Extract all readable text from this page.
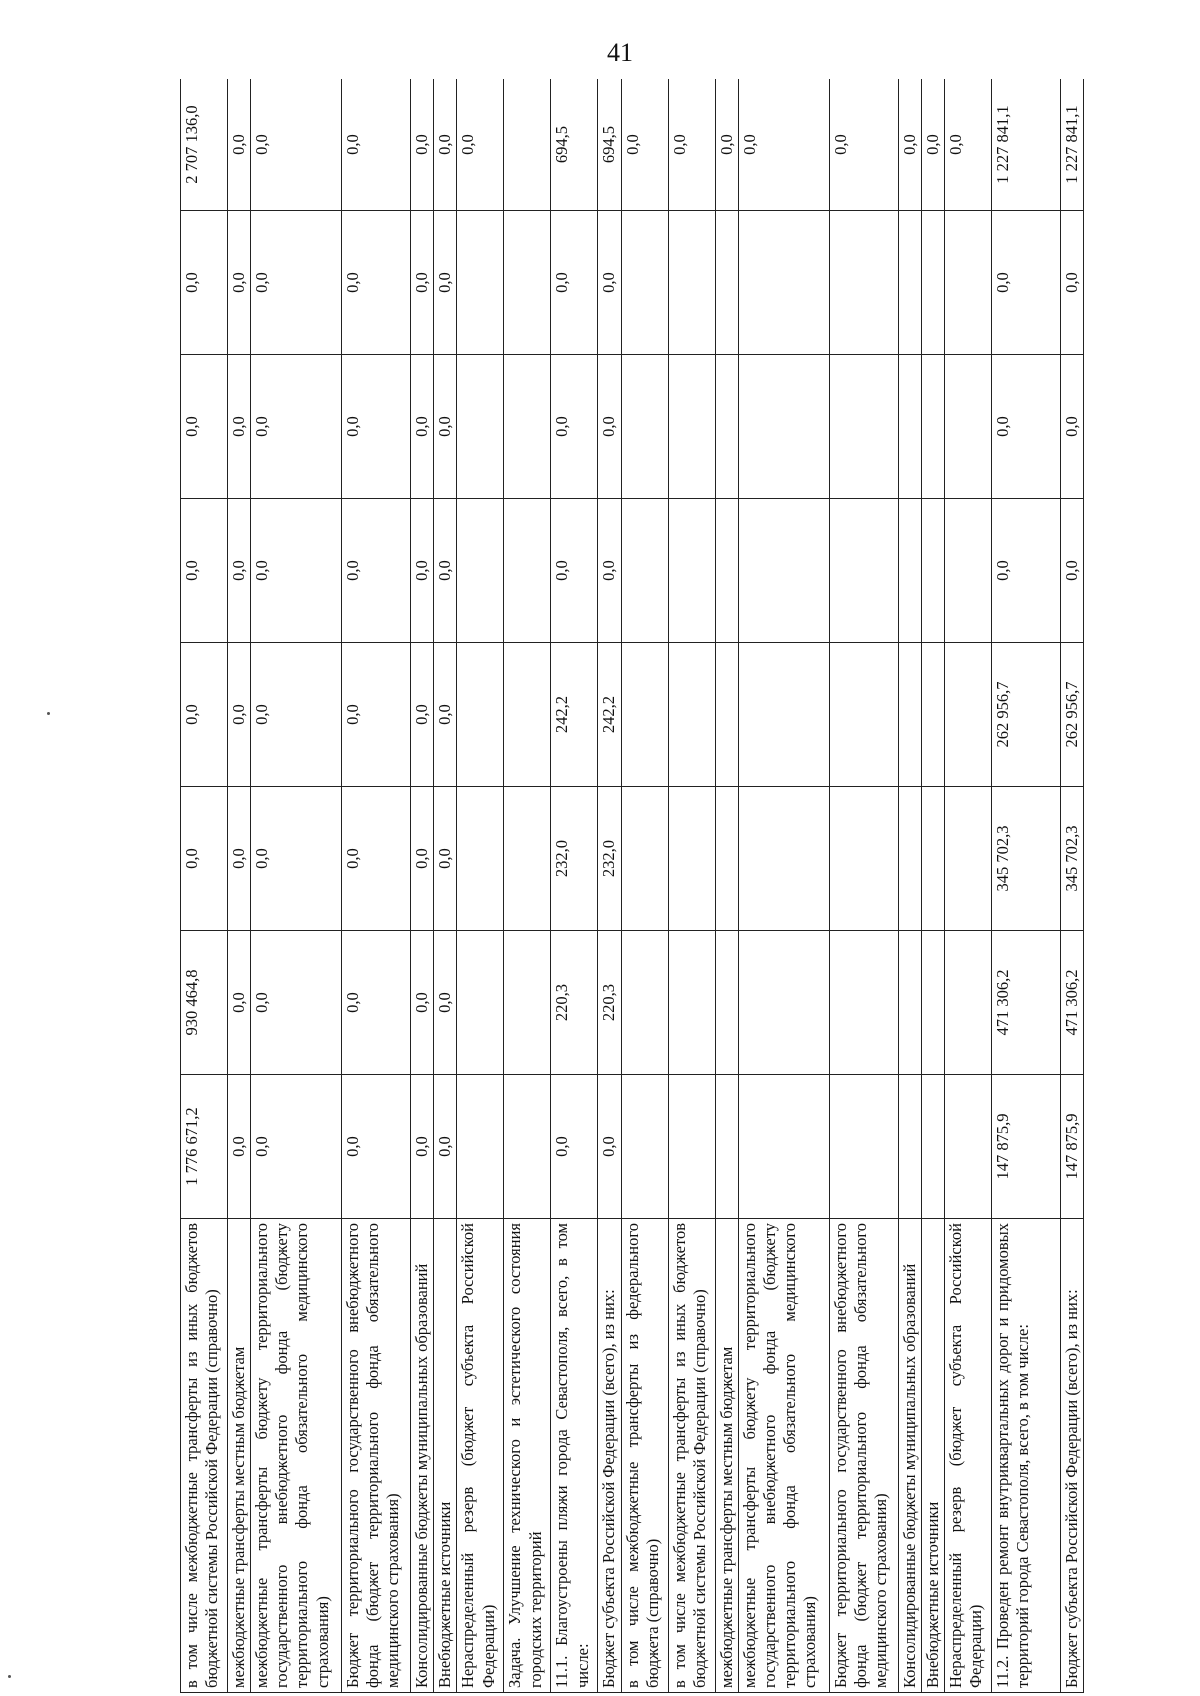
41
в том числе межбюджетные трансферты из иных бюджетов бюджетной системы Российской Федерации (справочно)	1 776 671,2	930 464,8	0,0	0,0	0,0	0,0	0,0	2 707 136,0
межбюджетные трансферты местным бюджетам	0,0	0,0	0,0	0,0	0,0	0,0	0,0	0,0
межбюджетные трансферты бюджету территориального государственного внебюджетного фонда (бюджету территориального фонда обязательного медицинского страхования)	0,0	0,0	0,0	0,0	0,0	0,0	0,0	0,0
Бюджет территориального государственного внебюджетного фонда (бюджет территориального фонда обязательного медицинского страхования)	0,0	0,0	0,0	0,0	0,0	0,0	0,0	0,0
Консолидированные бюджеты муниципальных образований	0,0	0,0	0,0	0,0	0,0	0,0	0,0	0,0
Внебюджетные источники	0,0	0,0	0,0	0,0	0,0	0,0	0,0	0,0
Нераспределенный резерв (бюджет субъекта Российской Федерации)								0,0
Задача. Улучшение технического и эстетического состояния городских территорий								
11.1. Благоустроены пляжи города Севастополя, всего, в том числе:	0,0	220,3	232,0	242,2	0,0	0,0	0,0	694,5
Бюджет субъекта Российской Федерации (всего), из них:	0,0	220,3	232,0	242,2	0,0	0,0	0,0	694,5
в том числе межбюджетные трансферты из федерального бюджета (справочно)								0,0
в том числе межбюджетные трансферты из иных бюджетов бюджетной системы Российской Федерации (справочно)								0,0
межбюджетные трансферты местным бюджетам								0,0
межбюджетные трансферты бюджету территориального государственного внебюджетного фонда (бюджету территориального фонда обязательного медицинского страхования)								0,0
Бюджет территориального государственного внебюджетного фонда (бюджет территориального фонда обязательного медицинского страхования)								0,0
Консолидированные бюджеты муниципальных образований								0,0
Внебюджетные источники								0,0
Нераспределенный резерв (бюджет субъекта Российской Федерации)								0,0
11.2. Проведен ремонт внутриквартальных дорог и придомовых территорий города Севастополя, всего, в том числе:	147 875,9	471 306,2	345 702,3	262 956,7	0,0	0,0	0,0	1 227 841,1
Бюджет субъекта Российской Федерации (всего), из них:	147 875,9	471 306,2	345 702,3	262 956,7	0,0	0,0	0,0	1 227 841,1
